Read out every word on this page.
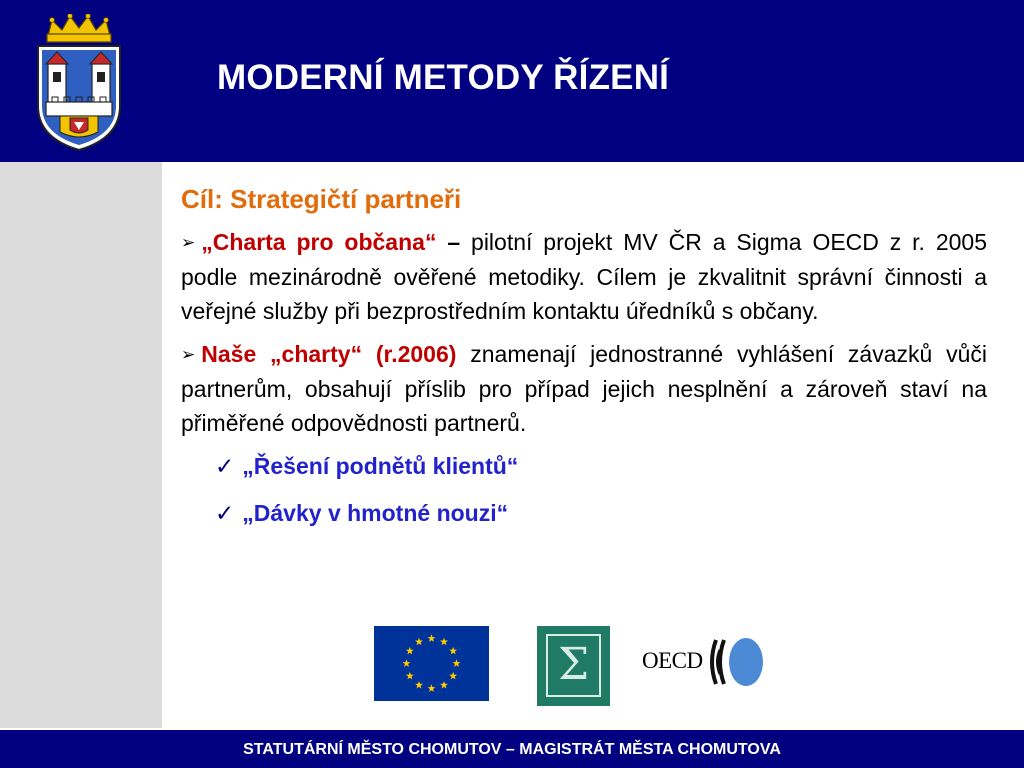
MODERNÍ METODY ŘÍZENÍ
Cíl: Strategičtí partneři
➢ „Charta pro občana“ – pilotní projekt MV ČR a Sigma OECD z r. 2005 podle mezinárodně ověřené metodiky. Cílem je zkvalitnit správní činnosti a veřejné služby při bezprostředním kontaktu úředníků s občany.
➢ Naše „charty“ (r.2006) znamenají jednostranné vyhlášení závazků vůči partnerům, obsahují příslib pro případ jejich nesplnění a zároveň staví na přiměřené odpovědnosti partnerů.
✓ „Řešení podnětů klientů“
✓ „Dávky v hmotné nouzi“
Σ	OECD
STATUTÁRNÍ MĚSTO CHOMUTOV – MAGISTRÁT MĚSTA CHOMUTOVA
